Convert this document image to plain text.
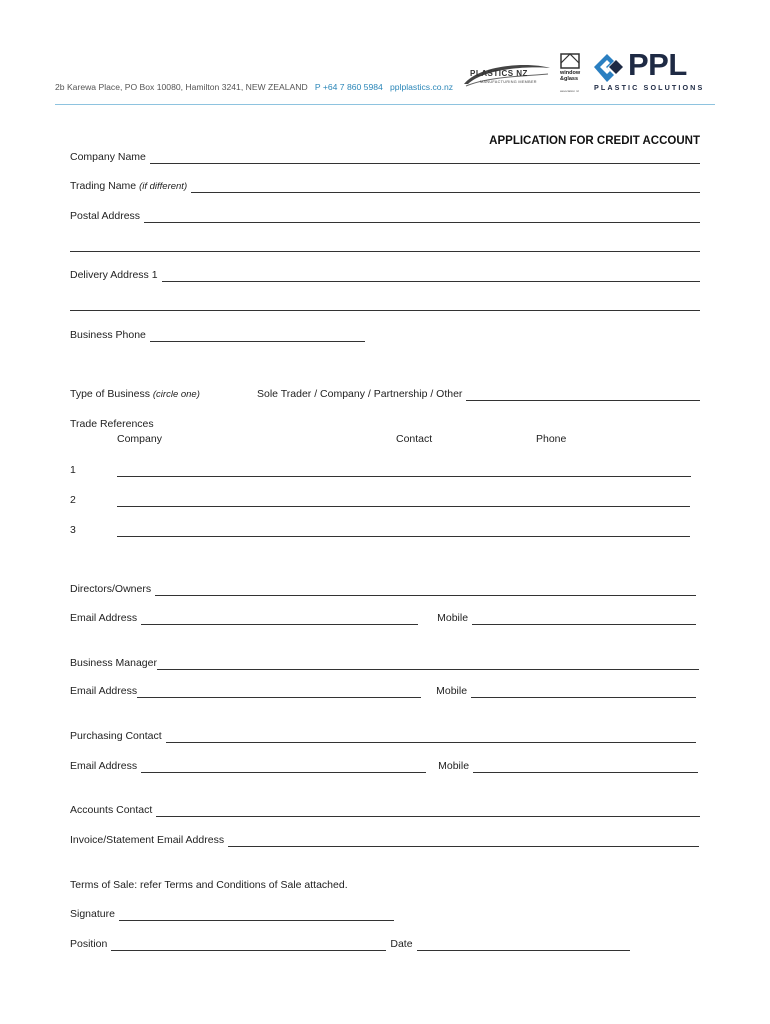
2b Karewa Place, PO Box 10080, Hamilton 3241, NEW ZEALAND P +64 7 860 5984 pplplastics.co.nz
PLASTICS NZ
MANUFACTURING MEMBER
window
&glass
association nz
PPL
PLASTIC SOLUTIONS
APPLICATION FOR CREDIT ACCOUNT
Company Name
Trading Name (if different)
Postal Address
Delivery Address 1
Business Phone
Type of Business (circle one)	Sole Trader / Company / Partnership / Other
Trade References
Company	Contact	Phone
1
2
3
Directors/Owners
Email Address	Mobile
Business Manager
Email Address	Mobile
Purchasing Contact
Email Address	Mobile
Accounts Contact
Invoice/Statement Email Address
Terms of Sale: refer Terms and Conditions of Sale attached.
Signature
Position	Date
